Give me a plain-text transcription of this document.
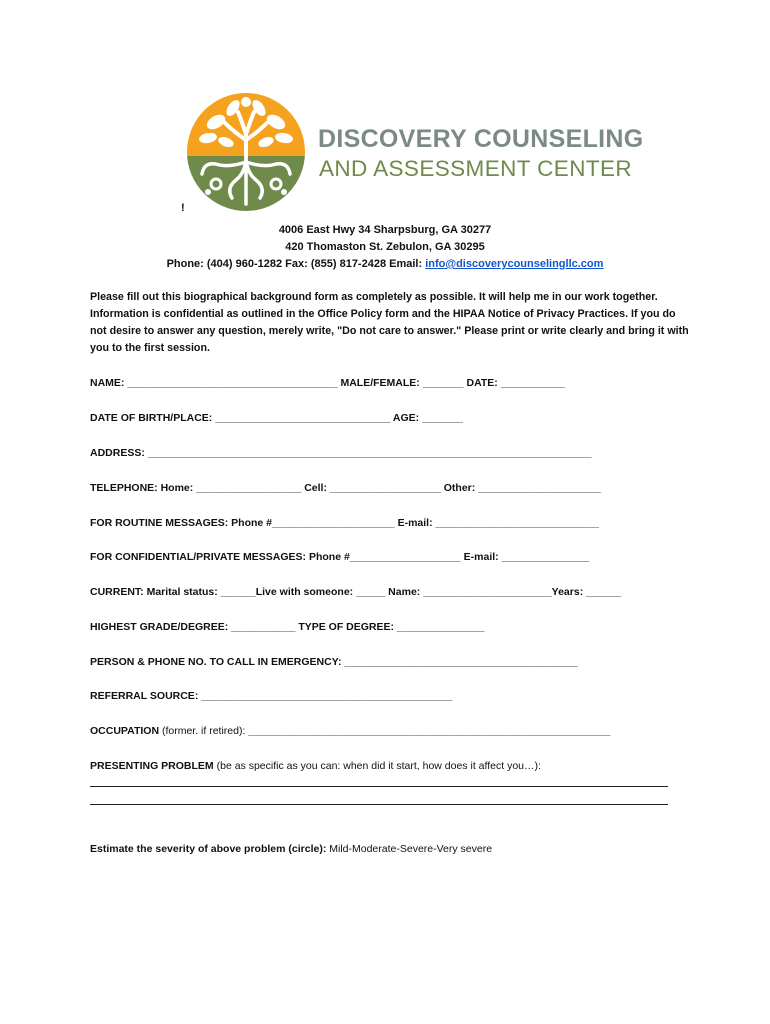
DISCOVERY COUNSELING
AND ASSESSMENT CENTER
!
4006 East Hwy 34 Sharpsburg, GA 30277
420 Thomaston St. Zebulon, GA 30295
Phone: (404) 960-1282 Fax: (855) 817-2428 Email: info@discoverycounselingllc.com
Please fill out this biographical background form as completely as possible. It will help me in our work together. Information is confidential as outlined in the Office Policy form and the HIPAA Notice of Privacy Practices. If you do not desire to answer any question, merely write, "Do not care to answer." Please print or write clearly and bring it with you to the first session.
NAME: ____________________________________ MALE/FEMALE: _______ DATE: ___________
DATE OF BIRTH/PLACE: ______________________________ AGE: _______
ADDRESS: ____________________________________________________________________________
TELEPHONE: Home: __________________ Cell: ___________________ Other: _____________________
FOR ROUTINE MESSAGES: Phone #_____________________ E-mail: ____________________________
FOR CONFIDENTIAL/PRIVATE MESSAGES: Phone #___________________ E-mail: _______________
CURRENT: Marital status: ______Live with someone: _____ Name: ______________________Years: ______
HIGHEST GRADE/DEGREE: ___________ TYPE OF DEGREE: _______________
PERSON & PHONE NO. TO CALL IN EMERGENCY: ________________________________________
REFERRAL SOURCE: ___________________________________________
OCCUPATION (former. if retired): ______________________________________________________________
PRESENTING PROBLEM (be as specific as you can: when did it start, how does it affect you…):
Estimate the severity of above problem (circle): Mild-Moderate-Severe-Very severe
